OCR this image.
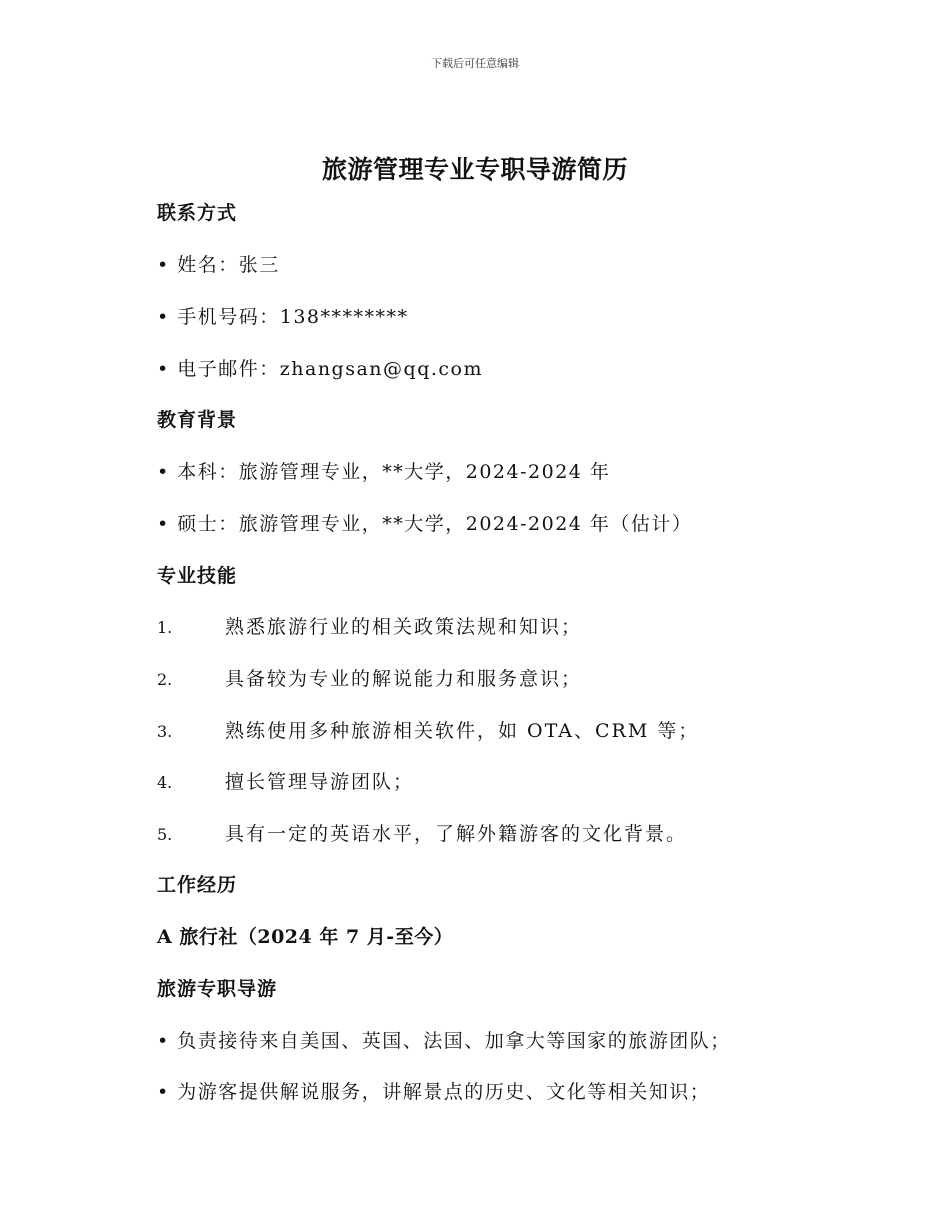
下载后可任意编辑
旅游管理专业专职导游简历
联系方式
• 姓名：张三
• 手机号码：138********
• 电子邮件：zhangsan@qq.com
教育背景
• 本科：旅游管理专业，**大学，2024-2024 年
• 硕士：旅游管理专业，**大学，2024-2024 年（估计）
专业技能
1.	熟悉旅游行业的相关政策法规和知识；
2.	具备较为专业的解说能力和服务意识；
3.	熟练使用多种旅游相关软件，如 OTA、CRM 等；
4.	擅长管理导游团队；
5.	具有一定的英语水平，了解外籍游客的文化背景。
工作经历
A 旅行社（2024 年 7 月-至今）
旅游专职导游
• 负责接待来自美国、英国、法国、加拿大等国家的旅游团队；
• 为游客提供解说服务，讲解景点的历史、文化等相关知识；
